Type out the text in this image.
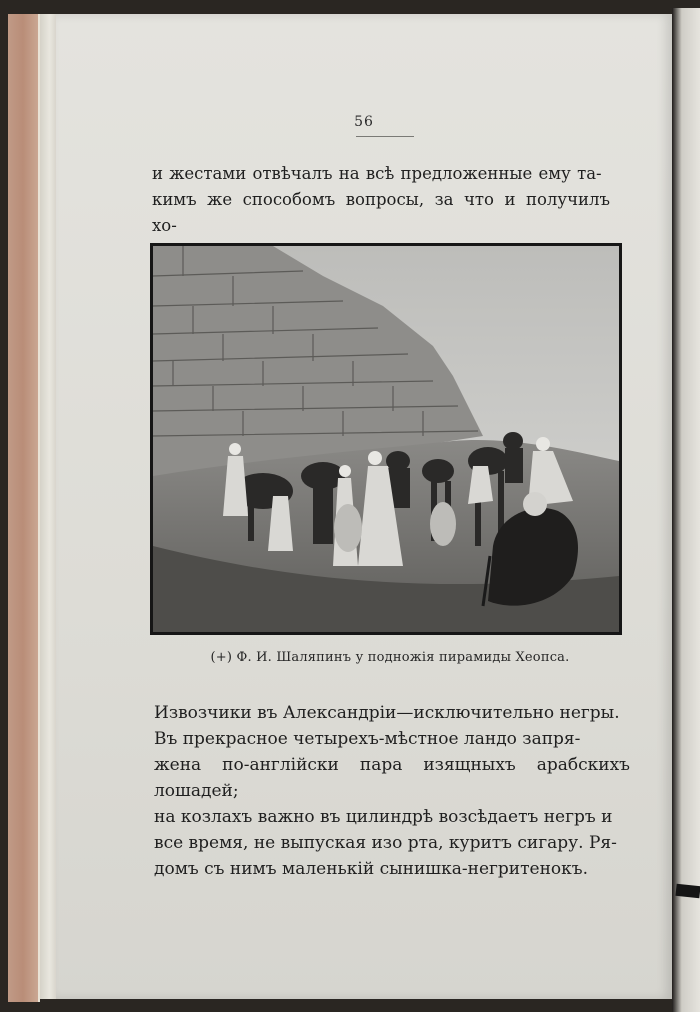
56
и жестами отвѣчалъ на всѣ предложенные ему та-
кимъ же способомъ вопросы, за что и получилъ хо-

(+) Ф. И. Шаляпинъ у подножія пирамиды Хеопса.
Извозчики въ Александріи—исключительно негры.
Въ прекрасное четырехъ-мѣстное ландо запря-
жена по-англійски пара изящныхъ арабскихъ лошадей;
на козлахъ важно въ цилиндрѣ возсѣдаетъ негръ и
все время, не выпуская изо рта, куритъ сигару. Ря-
домъ съ нимъ маленькій сынишка-негритенокъ.
